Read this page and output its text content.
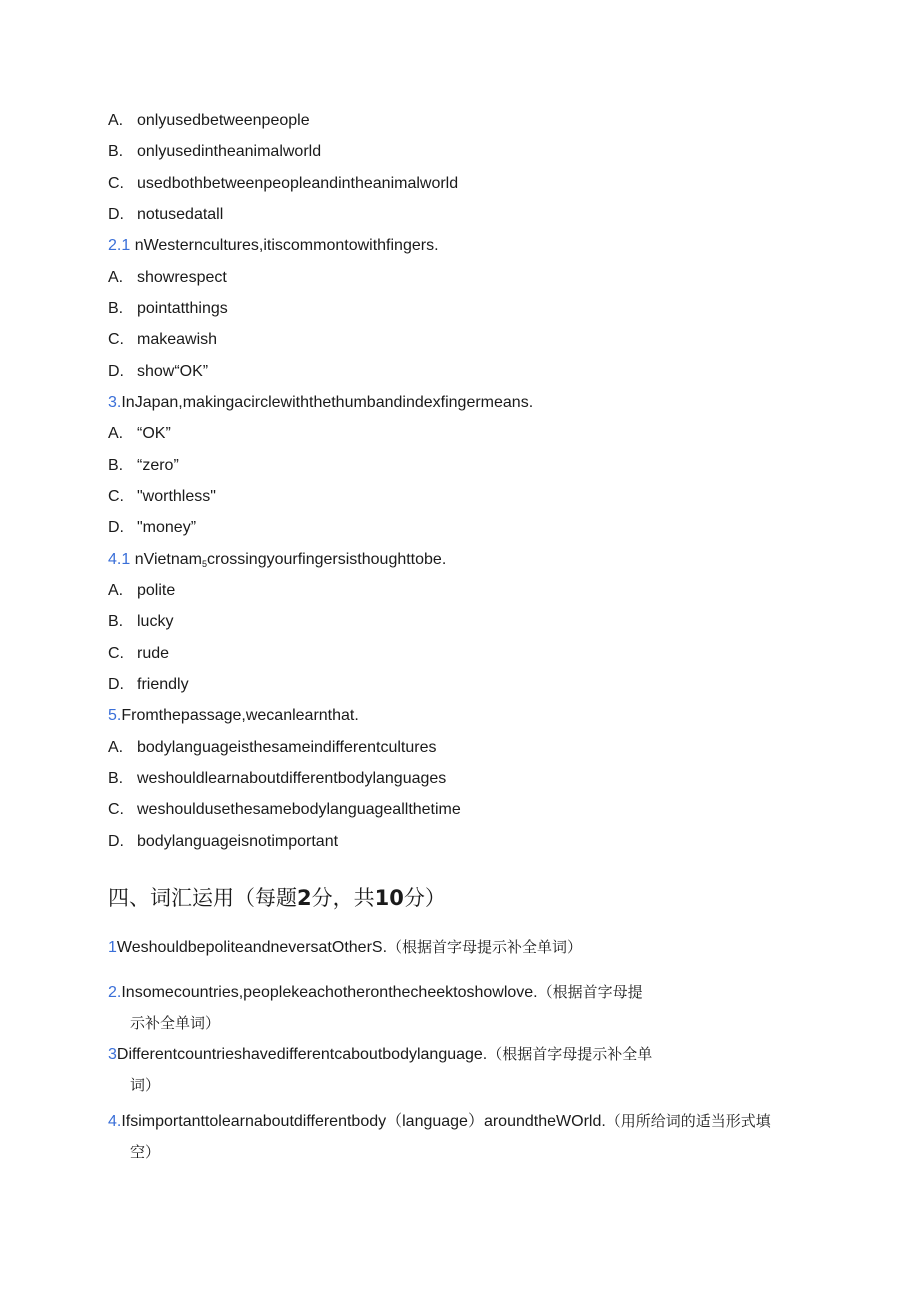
A. onlyusedbetweenpeople
B. onlyusedintheanimalworld
C. usedbothbetweenpeopleandintheanimalworld
D. notusedatall
2.1 nWesterncultures,itiscommontowithfingers.
A. showrespect
B. pointatthings
C. makeawish
D. show“OK”
3.InJapan,makingacirclewiththethumbandindexfingermeans.
A. “OK”
B. “zero”
C. "worthless"
D. "money”
4.1 nVietnam$_5$crossingyourfingersisthoughttobe.
A. polite
B. lucky
C. rude
D. friendly
5.Fromthepassage,wecanlearnthat.
A. bodylanguageisthesameindifferentcultures
B. weshouldlearnaboutdifferentbodylanguages
C. weshouldusethesamebodylanguageallthetime
D. bodylanguageisnotimportant
四、词汇运用（每题2分，共10分）
1WeshouldbepoliteandneversatOtherS.（根据首字母提示补全单词）
2.Insomecountries,peoplekeachotheronthecheektoshowlove.（根据首字母提
示补全单词）
3Differentcountrieshavedifferentcaboutbodylanguage.（根据首字母提示补全单
词）
4.Ifsimportanttolearnaboutdifferentbody（language）aroundtheWOrld.（用所给词的适当形式填
空）
